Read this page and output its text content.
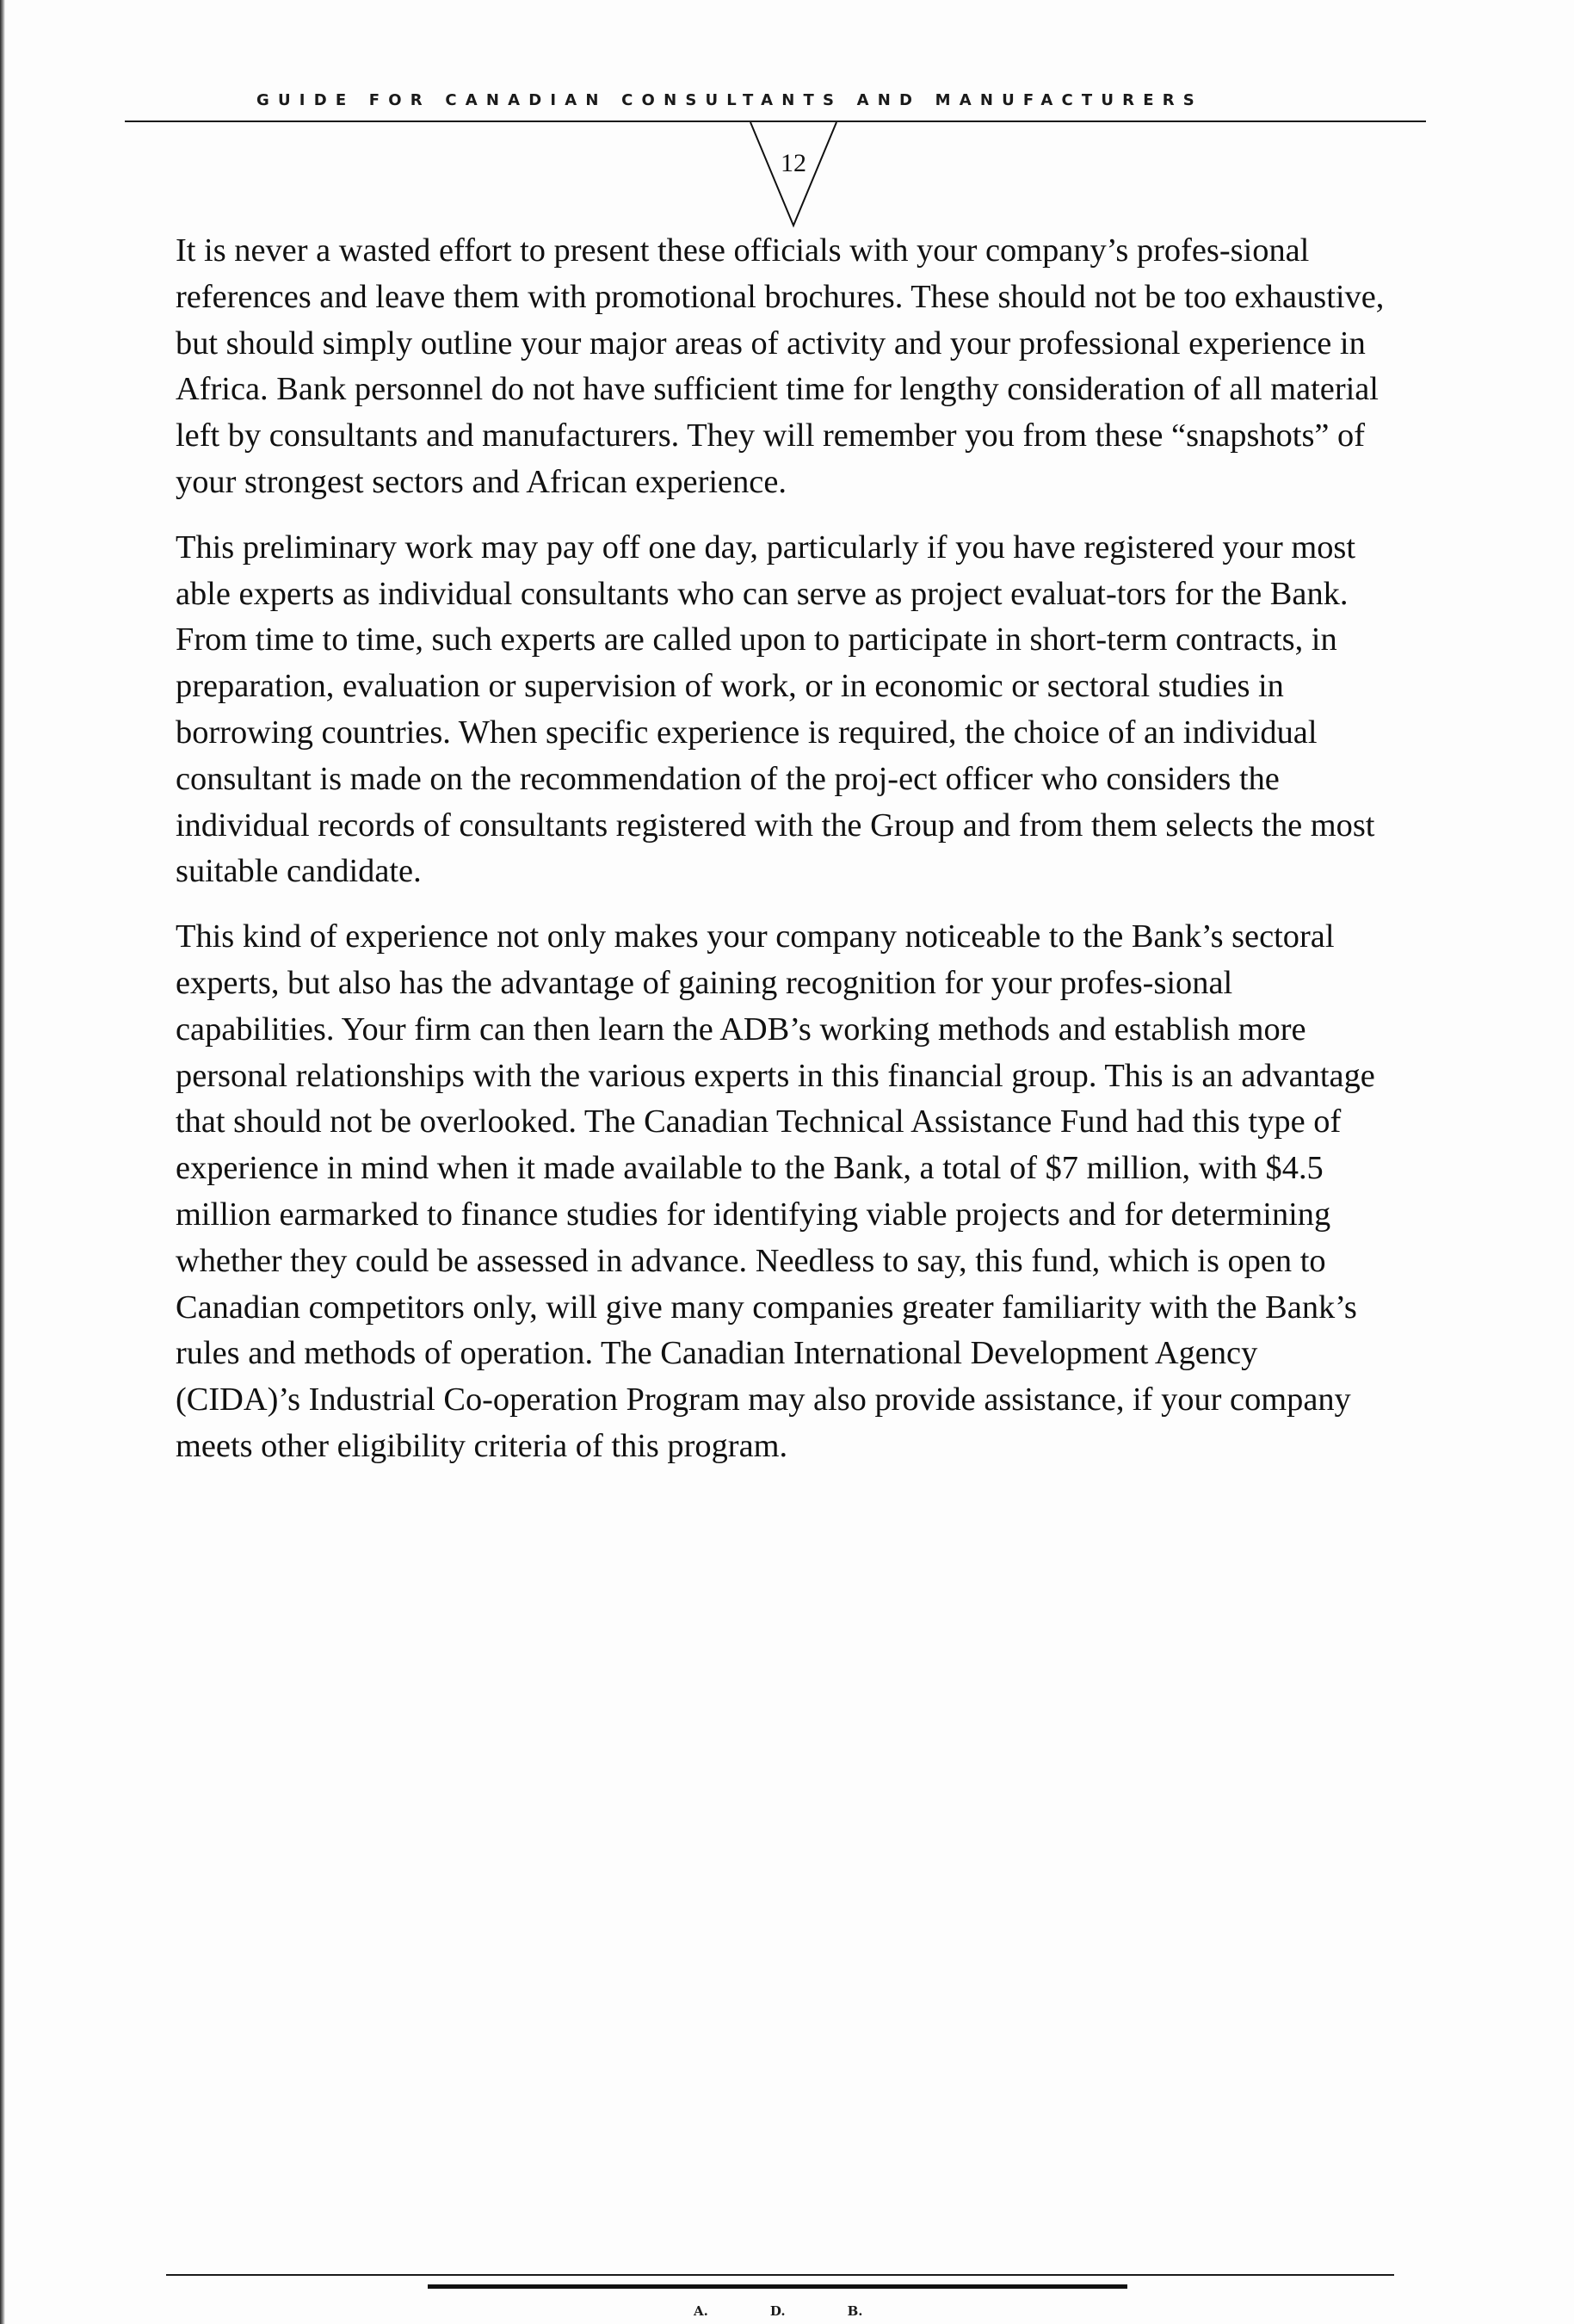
GUIDE FOR CANADIAN CONSULTANTS AND MANUFACTURERS
12

It is never a wasted effort to present these officials with your company’s profes-sional references and leave them with promotional brochures. These should not be too exhaustive, but should simply outline your major areas of activity and your professional experience in Africa. Bank personnel do not have sufficient time for lengthy consideration of all material left by consultants and manufacturers. They will remember you from these “snapshots” of your strongest sectors and African experience.

This preliminary work may pay off one day, particularly if you have registered your most able experts as individual consultants who can serve as project evaluat-tors for the Bank. From time to time, such experts are called upon to participate in short-term contracts, in preparation, evaluation or supervision of work, or in economic or sectoral studies in borrowing countries. When specific experience is required, the choice of an individual consultant is made on the recommendation of the proj-ect officer who considers the individual records of consultants registered with the Group and from them selects the most suitable candidate.

This kind of experience not only makes your company noticeable to the Bank’s sectoral experts, but also has the advantage of gaining recognition for your profes-sional capabilities. Your firm can then learn the ADB’s working methods and establish more personal relationships with the various experts in this financial group. This is an advantage that should not be overlooked. The Canadian Technical Assistance Fund had this type of experience in mind when it made available to the Bank, a total of $7 million, with $4.5 million earmarked to finance studies for identifying viable projects and for determining whether they could be assessed in advance. Needless to say, this fund, which is open to Canadian competitors only, will give many companies greater familiarity with the Bank’s rules and methods of operation. The Canadian International Development Agency (CIDA)’s Industrial Co-operation Program may also provide assistance, if your company meets other eligibility criteria of this program.

A.	D.	B.
